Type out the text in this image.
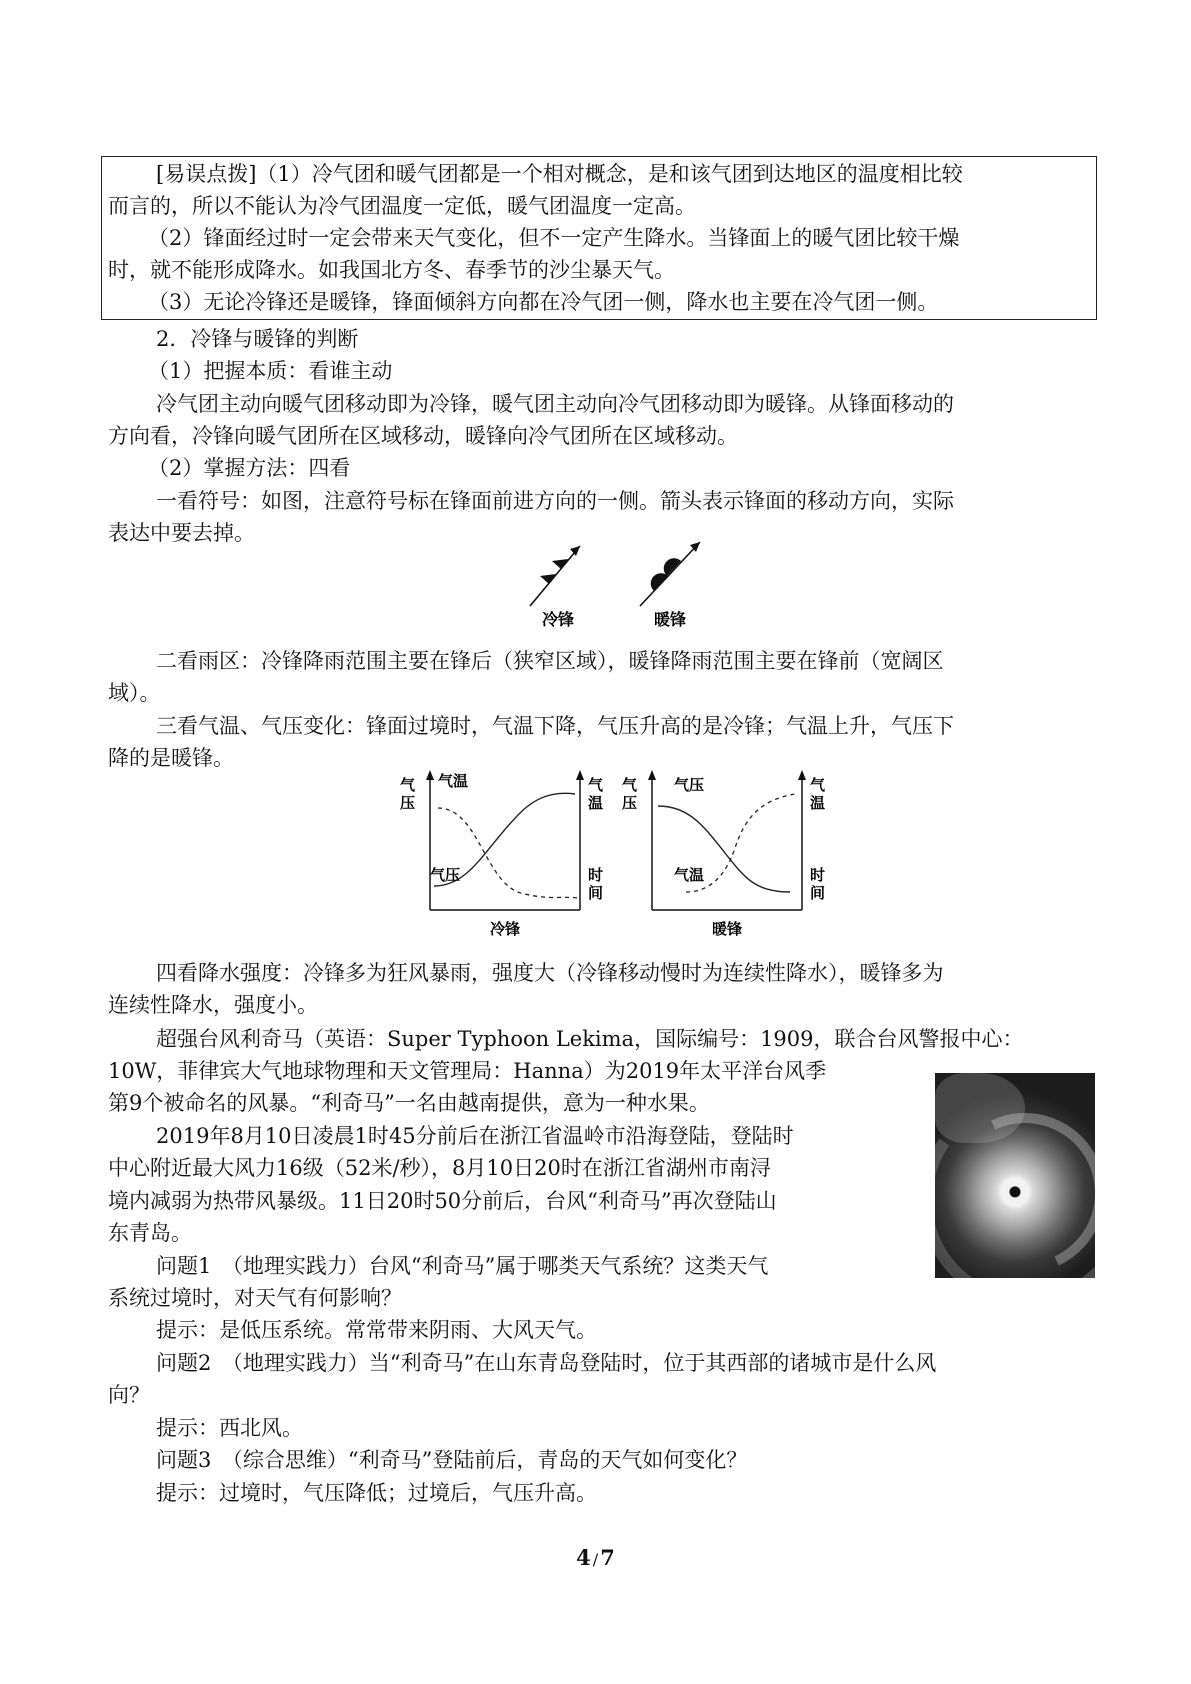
[易误点拨]（1）冷气团和暖气团都是一个相对概念，是和该气团到达地区的温度相比较
而言的，所以不能认为冷气团温度一定低，暖气团温度一定高。
（2）锋面经过时一定会带来天气变化，但不一定产生降水。当锋面上的暖气团比较干燥
时，就不能形成降水。如我国北方冬、春季节的沙尘暴天气。
（3）无论冷锋还是暖锋，锋面倾斜方向都在冷气团一侧，降水也主要在冷气团一侧。
2．冷锋与暖锋的判断
（1）把握本质：看谁主动
冷气团主动向暖气团移动即为冷锋，暖气团主动向冷气团移动即为暖锋。从锋面移动的
方向看，冷锋向暖气团所在区域移动，暖锋向冷气团所在区域移动。
（2）掌握方法：四看
一看符号：如图，注意符号标在锋面前进方向的一侧。箭头表示锋面的移动方向，实际
表达中要去掉。
冷锋	暖锋
二看雨区：冷锋降雨范围主要在锋后（狭窄区域），暖锋降雨范围主要在锋前（宽阔区
域）。
三看气温、气压变化：锋面过境时，气温下降，气压升高的是冷锋；气温上升，气压下
降的是暖锋。
气
压
气
温
时
间
气温
气压
冷锋
气
压
气
温
时
间
气压
气温
暖锋
四看降水强度：冷锋多为狂风暴雨，强度大（冷锋移动慢时为连续性降水），暖锋多为
连续性降水，强度小。
超强台风利奇马（英语：Super Typhoon Lekima，国际编号：1909，联合台风警报中心：
10W，菲律宾大气地球物理和天文管理局：Hanna）为2019年太平洋台风季
第9个被命名的风暴。“利奇马”一名由越南提供，意为一种水果。
2019年8月10日凌晨1时45分前后在浙江省温岭市沿海登陆，登陆时
中心附近最大风力16级（52米/秒），8月10日20时在浙江省湖州市南浔
境内减弱为热带风暴级。11日20时50分前后，台风“利奇马”再次登陆山
东青岛。
问题1　（地理实践力）台风“利奇马”属于哪类天气系统？这类天气
系统过境时，对天气有何影响？
提示：是低压系统。常常带来阴雨、大风天气。
问题2　（地理实践力）当“利奇马”在山东青岛登陆时，位于其西部的诸城市是什么风
向？
提示：西北风。
问题3　（综合思维）“利奇马”登陆前后，青岛的天气如何变化？
提示：过境时，气压降低；过境后，气压升高。
4 /7
